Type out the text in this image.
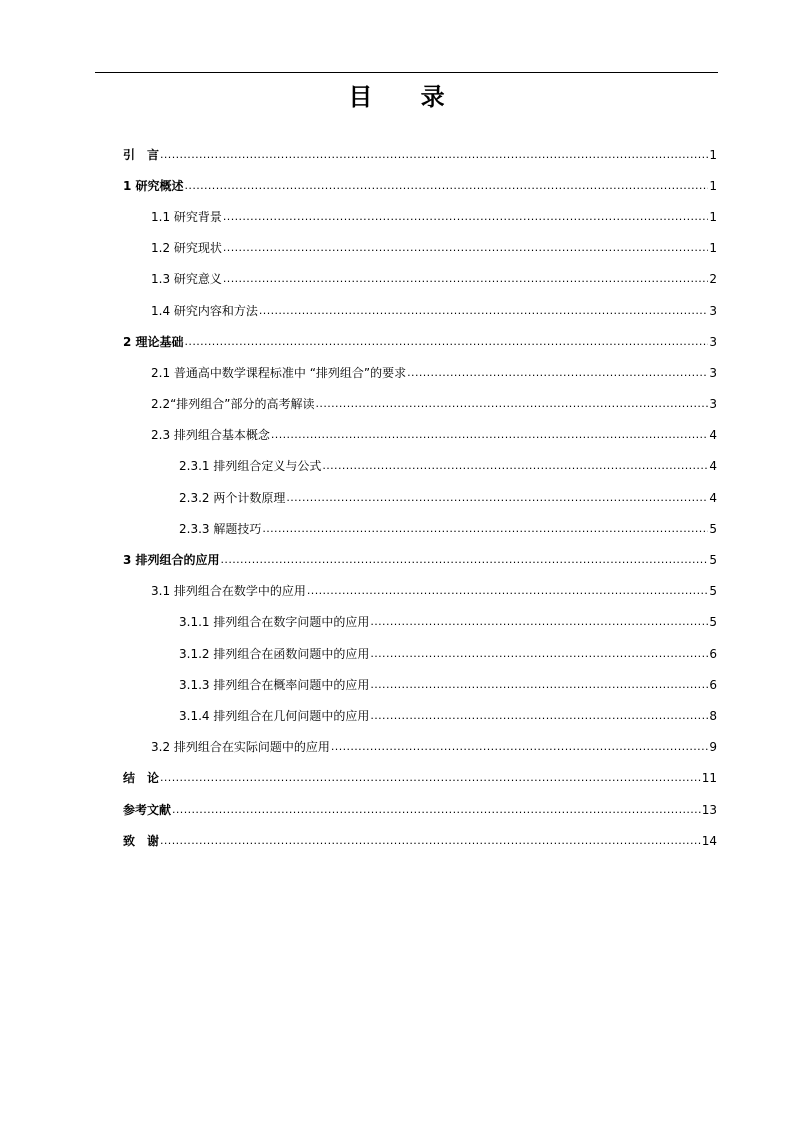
目 录
引　言 .....	1
1 研究概述 .....	1
1.1 研究背景 .....	1
1.2 研究现状 .....	1
1.3 研究意义 .....	2
1.4 研究内容和方法 .....	3
2 理论基础 .....	3
2.1 普通高中数学课程标准中 “排列组合”的要求 .....	3
2.2“排列组合”部分的高考解读 .....	3
2.3 排列组合基本概念 .....	4
2.3.1 排列组合定义与公式 .....	4
2.3.2 两个计数原理 .....	4
2.3.3 解题技巧 .....	5
3 排列组合的应用 .....	5
3.1 排列组合在数学中的应用 .....	5
3.1.1 排列组合在数字问题中的应用 .....	5
3.1.2 排列组合在函数问题中的应用 .....	6
3.1.3 排列组合在概率问题中的应用 .....	6
3.1.4 排列组合在几何问题中的应用 .....	8
3.2 排列组合在实际问题中的应用 .....	9
结　论 .....	11
参考文献 .....	13
致　谢 .....	14
